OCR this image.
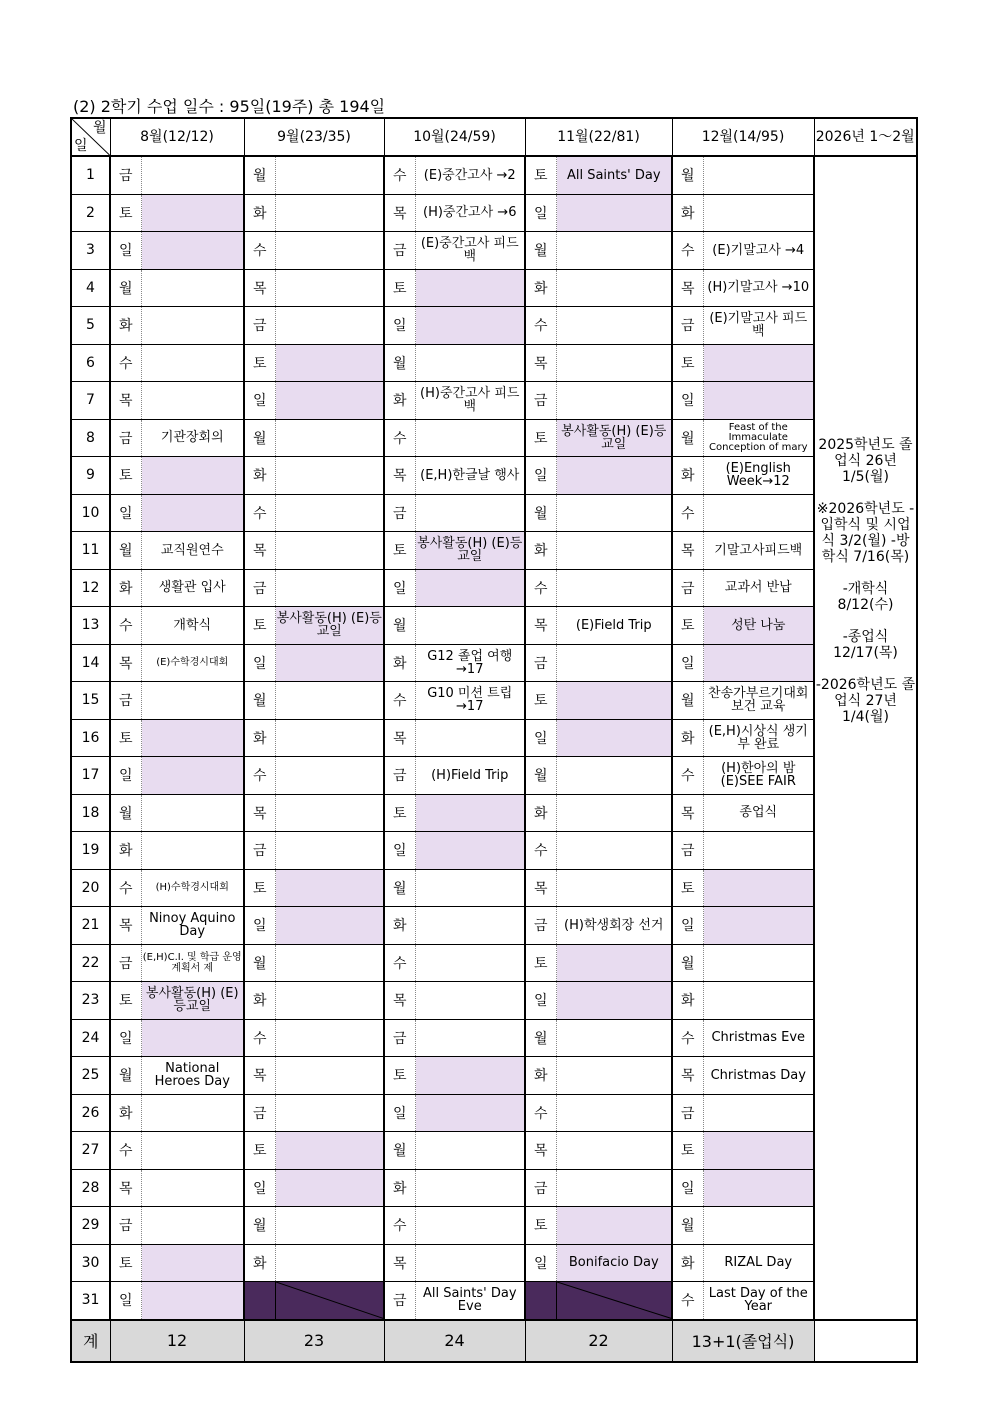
(2) 2학기 수업 일수 : 95일(19주) 총 194일
월
일	8월(12/12)		9월(23/35)		10월(24/59)		11월(22/81)		12월(14/95)		2026년 1～2월
1	금		월		수	(E)중간고사 →2	토	All Saints' Day	월		2025학년도 졸업식 26년 1/5(월)

※2026학년도 -입학식 및 시업식 3/2(월) -방학식 7/16(목)

-개학식 8/12(수)

-종업식 12/17(목)

-2026학년도 졸업식 27년 1/4(월)
2	토		화		목	(H)중간고사 →6	일		화		
3	일		수		금	(E)중간고사 피드백	월		수	(E)기말고사 →4	
4	월		목		토		화		목	(H)기말고사 →10	
5	화		금		일		수		금	(E)기말고사 피드백	
6	수		토		월		목		토		
7	목		일		화	(H)중간고사 피드백	금		일		
8	금	기관장회의	월		수		토	봉사활동(H) (E)등교일	월	Feast of the Immaculate Conception of mary	
9	토		화		목	(E,H)한글날 행사	일		화	(E)English Week→12	
10	일		수		금		월		수		
11	월	교직원연수	목		토	봉사활동(H) (E)등교일	화		목	기말고사피드백	
12	화	생활관 입사	금		일		수		금	교과서 반납	
13	수	개학식	토	봉사활동(H) (E)등교일	월		목	(E)Field Trip	토	성탄 나눔	
14	목	(E)수학경시대회	일		화	G12 졸업 여행 →17	금		일		
15	금		월		수	G10 미션 트립 →17	토		월	찬송가부르기대회 보건 교육	
16	토		화		목		일		화	(E,H)시상식 생기부 완료	
17	일		수		금	(H)Field Trip	월		수	(H)한아의 밤 (E)SEE FAIR	
18	월		목		토		화		목	종업식	
19	화		금		일		수		금		
20	수	(H)수학경시대회	토		월		목		토		
21	목	Ninoy Aquino Day	일		화		금	(H)학생회장 선거	일		
22	금	(E,H)C.I. 및 학급 운영계획서 제	월		수		토		월		
23	토	봉사활동(H) (E)등교일	화		목		일		화		
24	일		수		금		월		수	Christmas Eve	
25	월	National Heroes Day	목		토		화		목	Christmas Day	
26	화		금		일		수		금		
27	수		토		월		목		토		
28	목		일		화		금		일		
29	금		월		수		토		월		
30	토		화		목		일	Bonifacio Day	화	RIZAL Day	
31	일				금	All Saints' Day Eve			수	Last Day of the Year	
계	12		23		24		22		13+1(졸업식)		
